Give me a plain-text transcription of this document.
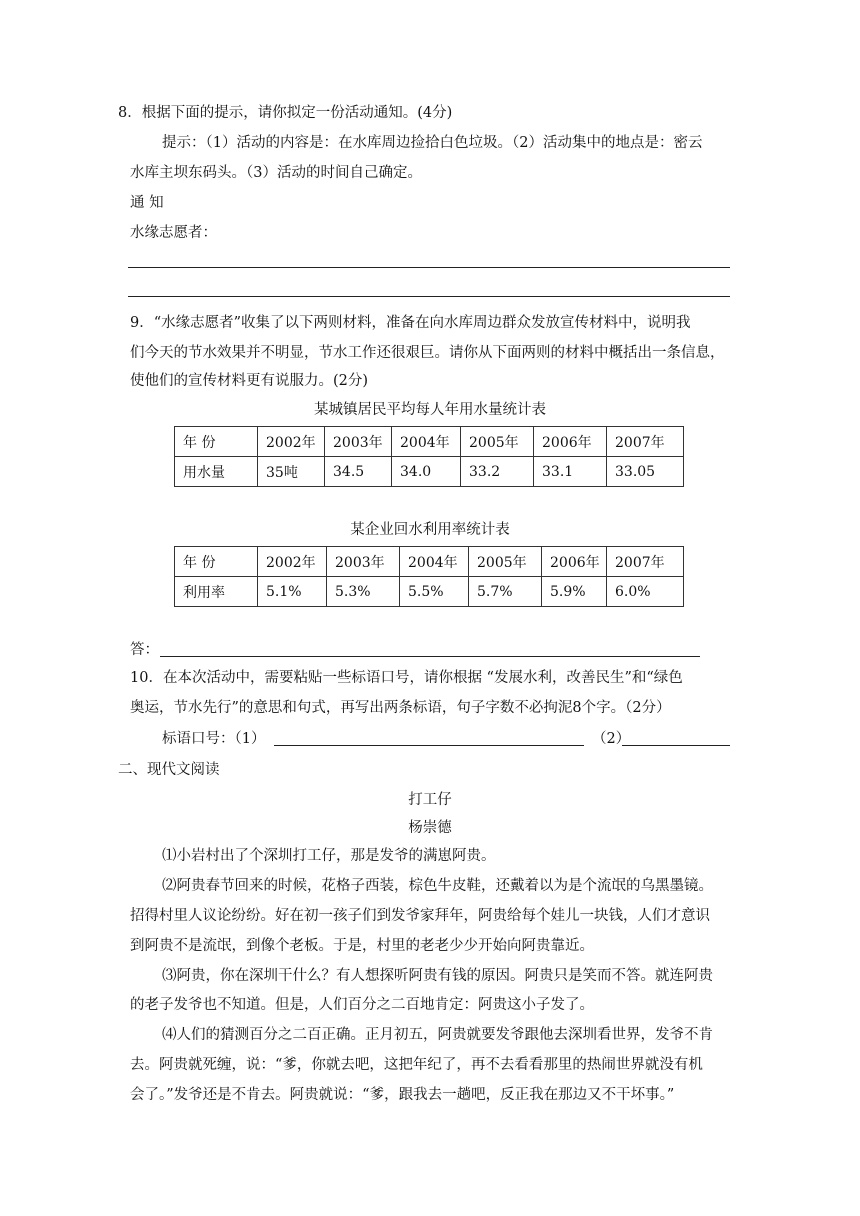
8．根据下面的提示，请你拟定一份活动通知。(4分)
提示：（1）活动的内容是：在水库周边捡拾白色垃圾。（2）活动集中的地点是：密云
水库主坝东码头。（3）活动的时间自己确定。
通 知
水缘志愿者：
9．“水缘志愿者”收集了以下两则材料，准备在向水库周边群众发放宣传材料中，说明我
们今天的节水效果并不明显，节水工作还很艰巨。请你从下面两则的材料中概括出一条信息，
使他们的宣传材料更有说服力。(2分)
某城镇居民平均每人年用水量统计表
年 份	2002年	2003年	2004年	2005年	2006年	2007年
用水量	35吨	34.5	34.0	33.2	33.1	33.05
某企业回水利用率统计表
年 份	2002年	2003年	2004年	2005年	2006年	2007年
利用率	5.1%	5.3%	5.5%	5.7%	5.9%	6.0%
答：
10．在本次活动中，需要粘贴一些标语口号，请你根据 “发展水利，改善民生”和“绿色
奥运，节水先行”的意思和句式，再写出两条标语，句子字数不必拘泥8个字。（2分）
标语口号：（1）	（2）
二、现代文阅读
打工仔
杨崇德
⑴小岩村出了个深圳打工仔，那是发爷的满崽阿贵。
⑵阿贵春节回来的时候，花格子西装，棕色牛皮鞋，还戴着以为是个流氓的乌黑墨镜。
招得村里人议论纷纷。好在初一孩子们到发爷家拜年，阿贵给每个娃儿一块钱，人们才意识
到阿贵不是流氓，到像个老板。于是，村里的老老少少开始向阿贵靠近。
⑶阿贵，你在深圳干什么？有人想探听阿贵有钱的原因。阿贵只是笑而不答。就连阿贵
的老子发爷也不知道。但是，人们百分之二百地肯定：阿贵这小子发了。
⑷人们的猜测百分之二百正确。正月初五，阿贵就要发爷跟他去深圳看世界，发爷不肯
去。阿贵就死缠，说：“爹，你就去吧，这把年纪了，再不去看看那里的热闹世界就没有机
会了。”发爷还是不肯去。阿贵就说：“爹，跟我去一趟吧，反正我在那边又不干坏事。”
